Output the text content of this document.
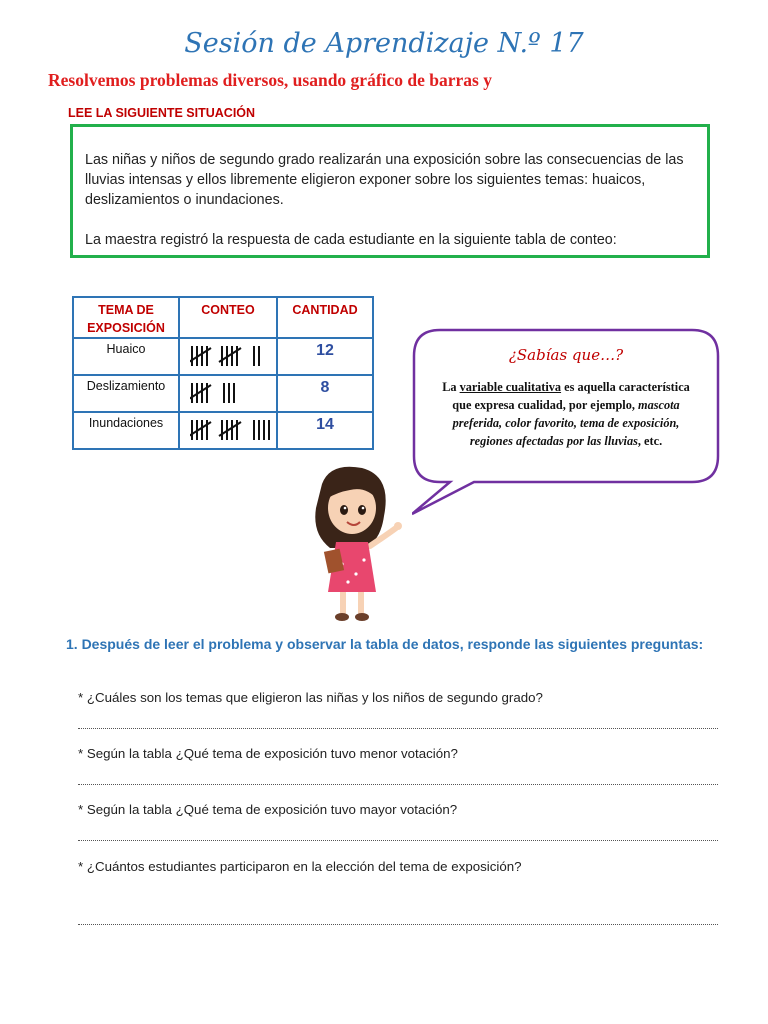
Sesión de Aprendizaje N.º 17
Resolvemos problemas diversos, usando gráfico de barras y
LEE LA SIGUIENTE SITUACIÓN

Las niñas y niños de segundo grado realizarán una exposición sobre las consecuencias de las lluvias intensas y ellos libremente eligieron exponer sobre los siguientes temas: huaicos, deslizamientos o inundaciones.

La maestra registró la respuesta de cada estudiante en la siguiente tabla de conteo:

TEMA DE EXPOSICIÓN	CONTEO	CANTIDAD
Huaico		12
Deslizamiento		8
Inundaciones		14
¿Sabías que…?
La variable cualitativa es aquella característica que expresa cualidad, por ejemplo, mascota preferida, color favorito, tema de exposición, regiones afectadas por las lluvias, etc.
1. Después de leer el problema y observar la tabla de datos, responde las siguientes preguntas:
* ¿Cuáles son los temas que eligieron las niñas y los niños de segundo grado?
* Según la tabla ¿Qué tema de exposición tuvo menor votación?
* Según la tabla ¿Qué tema de exposición tuvo mayor votación?
* ¿Cuántos estudiantes participaron en la elección del tema de exposición?
